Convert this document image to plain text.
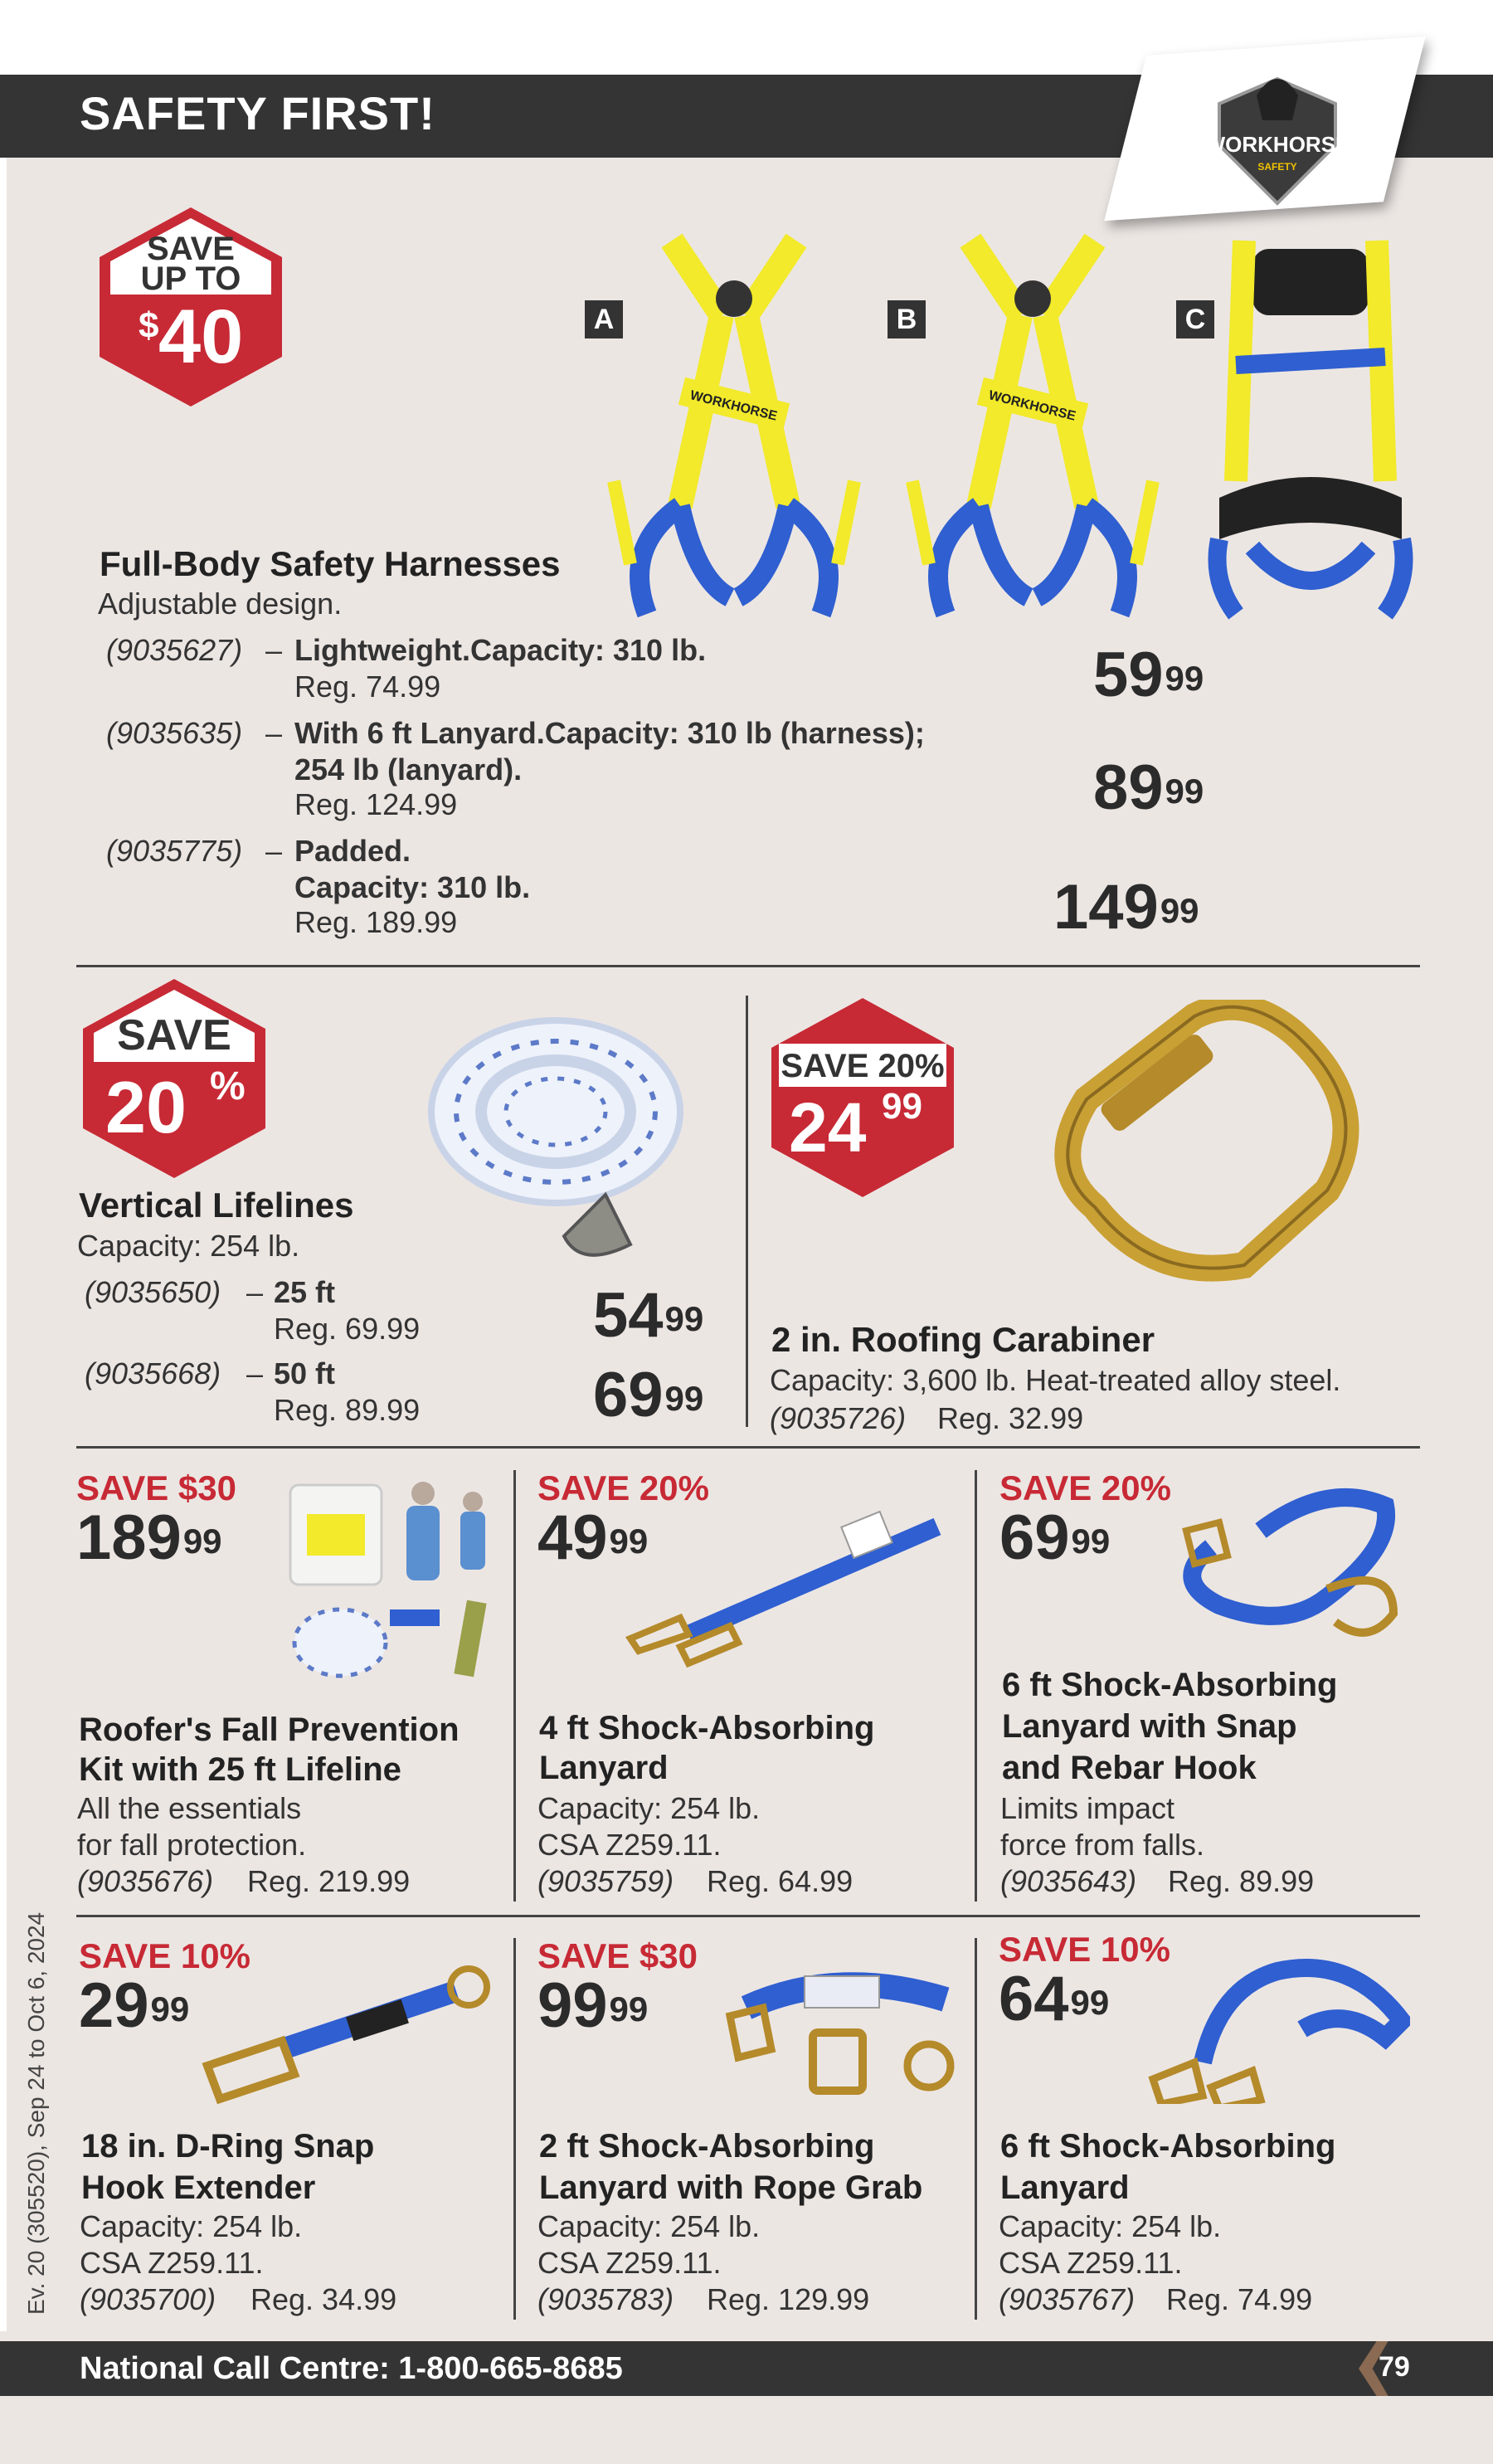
SAFETY FIRST!
WORKHORSE
SAFETY
SAVE
UP TO
$ 40	A	B	C
WORKHORSE	WORKHORSE
Full-Body Safety Harnesses
Adjustable design.
(9035627) – Lightweight.Capacity: 310 lb.
Reg. 74.99	$59^{99}$
(9035635) – With 6 ft Lanyard.Capacity: 310 lb (harness);
254 lb (lanyard).
Reg. 124.99	$89^{99}$
(9035775) – Padded.
Capacity: 310 lb.
Reg. 189.99	$149^{99}$
SAVE
20 %
Vertical Lifelines
Capacity: 254 lb.
(9035650) – 25 ft
Reg. 69.99	$54^{99}$
(9035668) – 50 ft
Reg. 89.99	$69^{99}$
SAVE 20%
24 99
2 in. Roofing Carabiner
Capacity: 3,600 lb. Heat-treated alloy steel.
(9035726) Reg. 32.99
SAVE $30
$189^{99}$
Roofer's Fall Prevention
Kit with 25 ft Lifeline
All the essentials
for fall protection.
(9035676) Reg. 219.99
SAVE 20%
$49^{99}$
4 ft Shock-Absorbing
Lanyard
Capacity: 254 lb.
CSA Z259.11.
(9035759) Reg. 64.99
SAVE 20%
$69^{99}$
6 ft Shock-Absorbing
Lanyard with Snap
and Rebar Hook
Limits impact
force from falls.
(9035643) Reg. 89.99
SAVE 10%
$29^{99}$
18 in. D-Ring Snap
Hook Extender
Capacity: 254 lb.
CSA Z259.11.
(9035700) Reg. 34.99
SAVE $30
$99^{99}$
2 ft Shock-Absorbing
Lanyard with Rope Grab
Capacity: 254 lb.
CSA Z259.11.
(9035783) Reg. 129.99
SAVE 10%
$64^{99}$
6 ft Shock-Absorbing
Lanyard
Capacity: 254 lb.
CSA Z259.11.
(9035767) Reg. 74.99
Ev. 20 (305520), Sep 24 to Oct 6, 2024
National Call Centre: 1-800-665-8685	79
